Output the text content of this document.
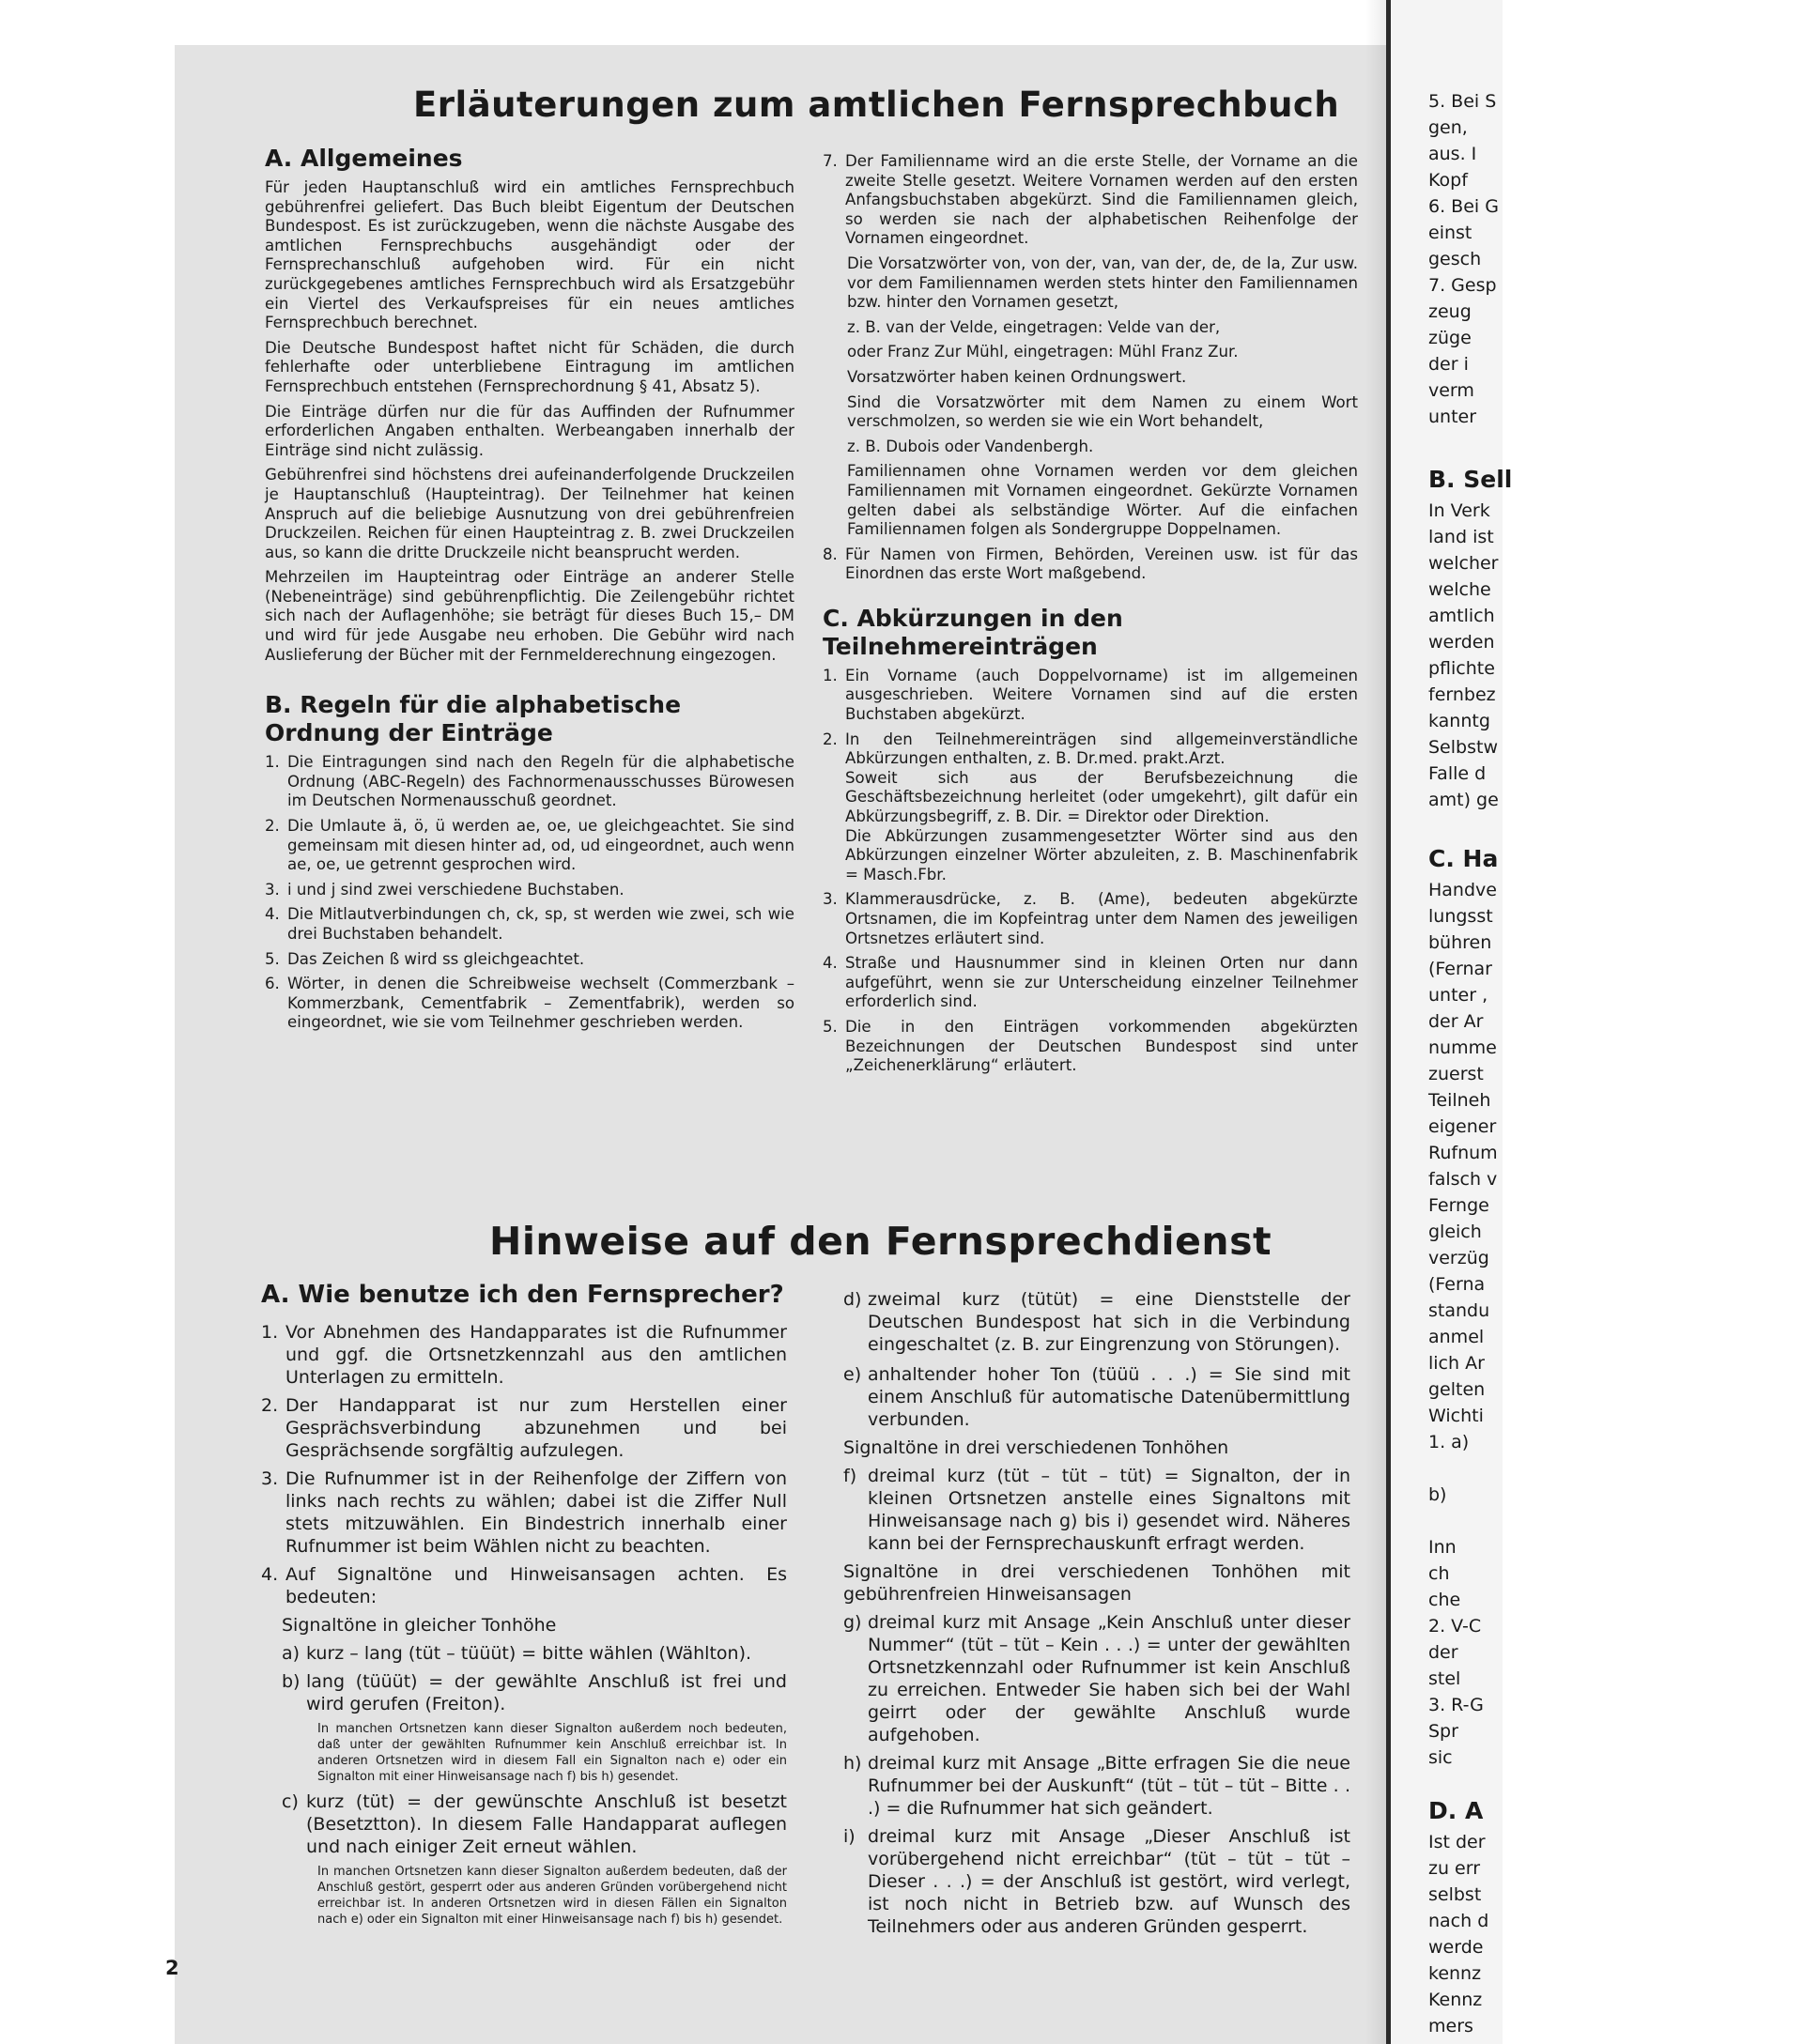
Erläuterungen zum amtlichen Fernsprechbuch
A. Allgemeines

Für jeden Hauptanschluß wird ein amtliches Fernsprechbuch gebührenfrei geliefert. Das Buch bleibt Eigentum der Deutschen Bundespost. Es ist zurückzugeben, wenn die nächste Ausgabe des amtlichen Fernsprechbuchs ausgehändigt oder der Fernsprechanschluß aufgehoben wird. Für ein nicht zurückgegebenes amtliches Fernsprechbuch wird als Ersatzgebühr ein Viertel des Verkaufspreises für ein neues amtliches Fernsprechbuch berechnet.

Die Deutsche Bundespost haftet nicht für Schäden, die durch fehlerhafte oder unterbliebene Eintragung im amtlichen Fernsprechbuch entstehen (Fernsprechordnung § 41, Absatz 5).

Die Einträge dürfen nur die für das Auffinden der Rufnummer erforderlichen Angaben enthalten. Werbeangaben innerhalb der Einträge sind nicht zulässig.

Gebührenfrei sind höchstens drei aufeinanderfolgende Druckzeilen je Hauptanschluß (Haupteintrag). Der Teilnehmer hat keinen Anspruch auf die beliebige Ausnutzung von drei gebührenfreien Druckzeilen. Reichen für einen Haupteintrag z. B. zwei Druckzeilen aus, so kann die dritte Druckzeile nicht beansprucht werden.

Mehrzeilen im Haupteintrag oder Einträge an anderer Stelle (Nebeneinträge) sind gebührenpflichtig. Die Zeilengebühr richtet sich nach der Auflagenhöhe; sie beträgt für dieses Buch 15,– DM und wird für jede Ausgabe neu erhoben. Die Gebühr wird nach Auslieferung der Bücher mit der Fernmelderechnung eingezogen.

B. Regeln für die alphabetische Ordnung der Einträge
1. Die Eintragungen sind nach den Regeln für die alphabetische Ordnung (ABC-Regeln) des Fachnormenausschusses Bürowesen im Deutschen Normenausschuß geordnet.
2. Die Umlaute ä, ö, ü werden ae, oe, ue gleichgeachtet. Sie sind gemeinsam mit diesen hinter ad, od, ud eingeordnet, auch wenn ae, oe, ue getrennt gesprochen wird.
3. i und j sind zwei verschiedene Buchstaben.
4. Die Mitlautverbindungen ch, ck, sp, st werden wie zwei, sch wie drei Buchstaben behandelt.
5. Das Zeichen ß wird ss gleichgeachtet.
6. Wörter, in denen die Schreibweise wechselt (Commerzbank – Kommerzbank, Cementfabrik – Zementfabrik), werden so eingeordnet, wie sie vom Teilnehmer geschrieben werden.
7. Der Familienname wird an die erste Stelle, der Vorname an die zweite Stelle gesetzt. Weitere Vornamen werden auf den ersten Anfangsbuchstaben abgekürzt. Sind die Familiennamen gleich, so werden sie nach der alphabetischen Reihenfolge der Vornamen eingeordnet.

Die Vorsatzwörter von, von der, van, van der, de, de la, Zur usw. vor dem Familiennamen werden stets hinter den Familiennamen bzw. hinter den Vornamen gesetzt,

z. B. van der Velde, eingetragen: Velde van der,

oder Franz Zur Mühl, eingetragen: Mühl Franz Zur.

Vorsatzwörter haben keinen Ordnungswert.

Sind die Vorsatzwörter mit dem Namen zu einem Wort verschmolzen, so werden sie wie ein Wort behandelt,

z. B. Dubois oder Vandenbergh.

Familiennamen ohne Vornamen werden vor dem gleichen Familiennamen mit Vornamen eingeordnet. Gekürzte Vornamen gelten dabei als selbständige Wörter. Auf die einfachen Familiennamen folgen als Sondergruppe Doppelnamen.

8. Für Namen von Firmen, Behörden, Vereinen usw. ist für das Einordnen das erste Wort maßgebend.
C. Abkürzungen in den Teilnehmereinträgen
1. Ein Vorname (auch Doppelvorname) ist im allgemeinen ausgeschrieben. Weitere Vornamen sind auf die ersten Buchstaben abgekürzt.
2. In den Teilnehmereinträgen sind allgemeinverständliche Abkürzungen enthalten, z. B. Dr.med. prakt.Arzt.
Soweit sich aus der Berufsbezeichnung die Geschäftsbezeichnung herleitet (oder umgekehrt), gilt dafür ein Abkürzungsbegriff, z. B. Dir. = Direktor oder Direktion.
Die Abkürzungen zusammengesetzter Wörter sind aus den Abkürzungen einzelner Wörter abzuleiten, z. B. Maschinenfabrik = Masch.Fbr.
3. Klammerausdrücke, z. B. (Ame), bedeuten abgekürzte Ortsnamen, die im Kopfeintrag unter dem Namen des jeweiligen Ortsnetzes erläutert sind.
4. Straße und Hausnummer sind in kleinen Orten nur dann aufgeführt, wenn sie zur Unterscheidung einzelner Teilnehmer erforderlich sind.
5. Die in den Einträgen vorkommenden abgekürzten Bezeichnungen der Deutschen Bundespost sind unter „Zeichenerklärung“ erläutert.
Hinweise auf den Fernsprechdienst
A. Wie benutze ich den Fernsprecher?
1. Vor Abnehmen des Handapparates ist die Rufnummer und ggf. die Ortsnetzkennzahl aus den amtlichen Unterlagen zu ermitteln.
2. Der Handapparat ist nur zum Herstellen einer Gesprächsverbindung abzunehmen und bei Gesprächsende sorgfältig aufzulegen.
3. Die Rufnummer ist in der Reihenfolge der Ziffern von links nach rechts zu wählen; dabei ist die Ziffer Null stets mitzuwählen. Ein Bindestrich innerhalb einer Rufnummer ist beim Wählen nicht zu beachten.
4. Auf Signaltöne und Hinweisansagen achten. Es bedeuten:

Signaltöne in gleicher Tonhöhe

a) kurz – lang (tüt – tüüüt) = bitte wählen (Wählton).
b) lang (tüüüt) = der gewählte Anschluß ist frei und wird gerufen (Freiton).

In manchen Ortsnetzen kann dieser Signalton außerdem noch bedeuten, daß unter der gewählten Rufnummer kein Anschluß erreichbar ist. In anderen Ortsnetzen wird in diesem Fall ein Signalton nach e) oder ein Signalton mit einer Hinweisansage nach f) bis h) gesendet.

c) kurz (tüt) = der gewünschte Anschluß ist besetzt (Besetztton). In diesem Falle Handapparat auflegen und nach einiger Zeit erneut wählen.

In manchen Ortsnetzen kann dieser Signalton außerdem bedeuten, daß der Anschluß gestört, gesperrt oder aus anderen Gründen vorübergehend nicht erreichbar ist. In anderen Ortsnetzen wird in diesen Fällen ein Signalton nach e) oder ein Signalton mit einer Hinweisansage nach f) bis h) gesendet.

d) zweimal kurz (tütüt) = eine Dienststelle der Deutschen Bundespost hat sich in die Verbindung eingeschaltet (z. B. zur Eingrenzung von Störungen).
e) anhaltender hoher Ton (tüüü . . .) = Sie sind mit einem Anschluß für automatische Datenübermittlung verbunden.

Signaltöne in drei verschiedenen Tonhöhen

f) dreimal kurz (tüt – tüt – tüt) = Signalton, der in kleinen Ortsnetzen anstelle eines Signaltons mit Hinweisansage nach g) bis i) gesendet wird. Näheres kann bei der Fernsprechauskunft erfragt werden.

Signaltöne in drei verschiedenen Tonhöhen mit gebührenfreien Hinweisansagen

g) dreimal kurz mit Ansage „Kein Anschluß unter dieser Nummer“ (tüt – tüt – Kein . . .) = unter der gewählten Ortsnetzkennzahl oder Rufnummer ist kein Anschluß zu erreichen. Entweder Sie haben sich bei der Wahl geirrt oder der gewählte Anschluß wurde aufgehoben.
h) dreimal kurz mit Ansage „Bitte erfragen Sie die neue Rufnummer bei der Auskunft“ (tüt – tüt – tüt – Bitte . . .) = die Rufnummer hat sich geändert.
i) dreimal kurz mit Ansage „Dieser Anschluß ist vorübergehend nicht erreichbar“ (tüt – tüt – tüt – Dieser . . .) = der Anschluß ist gestört, wird verlegt, ist noch nicht in Betrieb bzw. auf Wunsch des Teilnehmers oder aus anderen Gründen gesperrt.
2

5. Bei S

gen,

aus. I

Kopf

6. Bei G

einst

gesch

7. Gesp

zeug

züge

der i

verm

unter

B. Sell

In Verk

land ist

welcher

welche

amtlich

werden

pflichte

fernbez

kanntg

Selbstw

Falle d

amt) ge

C. Ha

Handve

lungsst

bühren

(Fernar

unter ,

der Ar

numme

zuerst

Teilneh

eigener

Rufnum

falsch v

Fernge

gleich

verzüg

(Ferna

standu

anmel

lich Ar

gelten

Wichti

1. a)

b)

Inn

ch

che

2. V-C

der

stel

3. R-G

Spr

sic

D. A

Ist der

zu err

selbst

nach d

werde

kennz

Kennz

mers
